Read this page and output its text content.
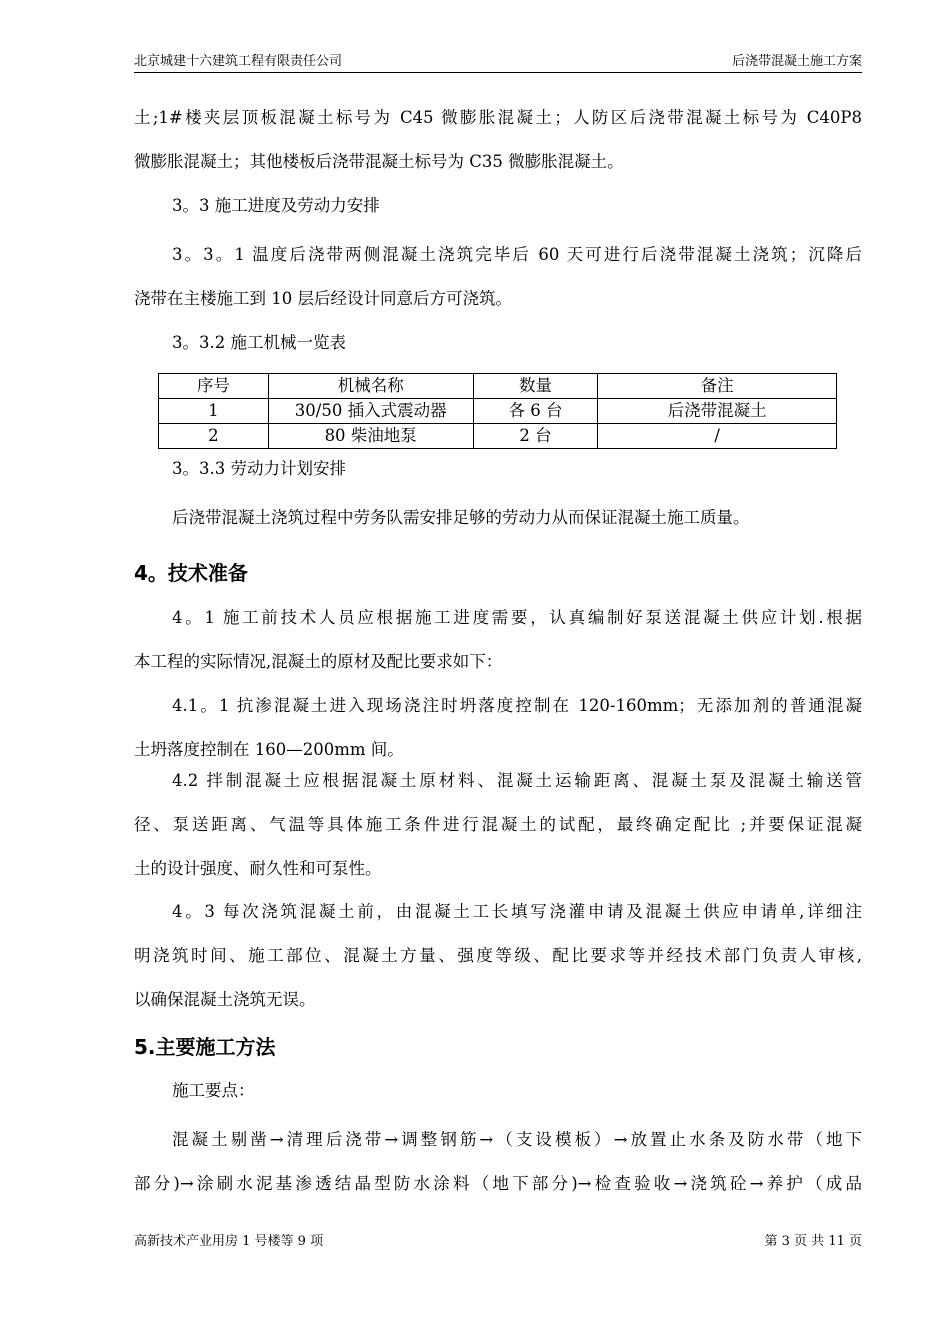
北京城建十六建筑工程有限责任公司	后浇带混凝土施工方案
土;1#楼夹层顶板混凝土标号为 C45 微膨胀混凝土；人防区后浇带混凝土标号为 C40P8
微膨胀混凝土；其他楼板后浇带混凝土标号为 C35 微膨胀混凝土。
3。3 施工进度及劳动力安排
3。3。1 温度后浇带两侧混凝土浇筑完毕后 60 天可进行后浇带混凝土浇筑；沉降后
浇带在主楼施工到 10 层后经设计同意后方可浇筑。
3。3.2 施工机械一览表
序号	机械名称	数量	备注
1	30/50 插入式震动器	各 6 台	后浇带混凝土
2	80 柴油地泵	2 台	/
3。3.3 劳动力计划安排
后浇带混凝土浇筑过程中劳务队需安排足够的劳动力从而保证混凝土施工质量。
4。技术准备
4。1 施工前技术人员应根据施工进度需要，认真编制好泵送混凝土供应计划.根据
本工程的实际情况,混凝土的原材及配比要求如下：
4.1。1 抗渗混凝土进入现场浇注时坍落度控制在 120-160mm；无添加剂的普通混凝
土坍落度控制在 160—200mm 间。
4.2 拌制混凝土应根据混凝土原材料、混凝土运输距离、混凝土泵及混凝土输送管
径、泵送距离、气温等具体施工条件进行混凝土的试配，最终确定配比 ;并要保证混凝
土的设计强度、耐久性和可泵性。
4。3 每次浇筑混凝土前，由混凝土工长填写浇灌申请及混凝土供应申请单,详细注
明浇筑时间、施工部位、混凝土方量、强度等级、配比要求等并经技术部门负责人审核,
以确保混凝土浇筑无误。
5.主要施工方法
施工要点：
混凝土剔凿→清理后浇带→调整钢筋→（支设模板）→放置止水条及防水带（地下
部分)→涂刷水泥基渗透结晶型防水涂料（地下部分)→检查验收→浇筑砼→养护（成品
高新技术产业用房 1 号楼等 9 项	第 3 页 共 11 页
